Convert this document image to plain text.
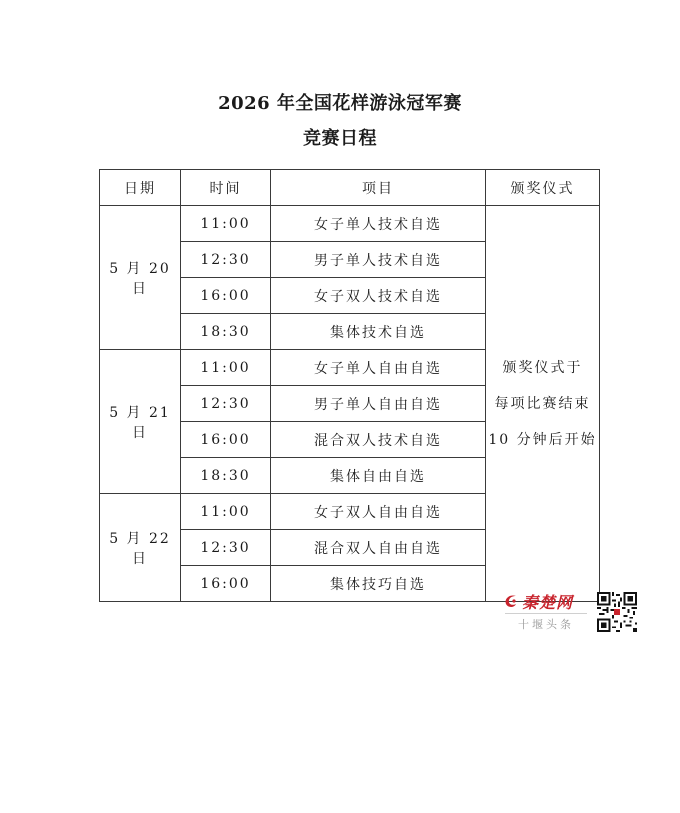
2026 年全国花样游泳冠军赛
竞赛日程
日期	时间	项目	颁奖仪式
5 月 20 日	11:00	女子单人技术自选	颁奖仪式于
每项比赛结束
10 分钟后开始

	12:30	男子单人技术自选	
	16:00	女子双人技术自选	
	18:30	集体技术自选	
5 月 21 日	11:00	女子单人自由自选	
	12:30	男子单人自由自选	
	16:00	混合双人技术自选	
	18:30	集体自由自选	
5 月 22 日	11:00	女子双人自由自选	
	12:30	混合双人自由自选	
	16:00	集体技巧自选	
秦楚网
十堰头条
